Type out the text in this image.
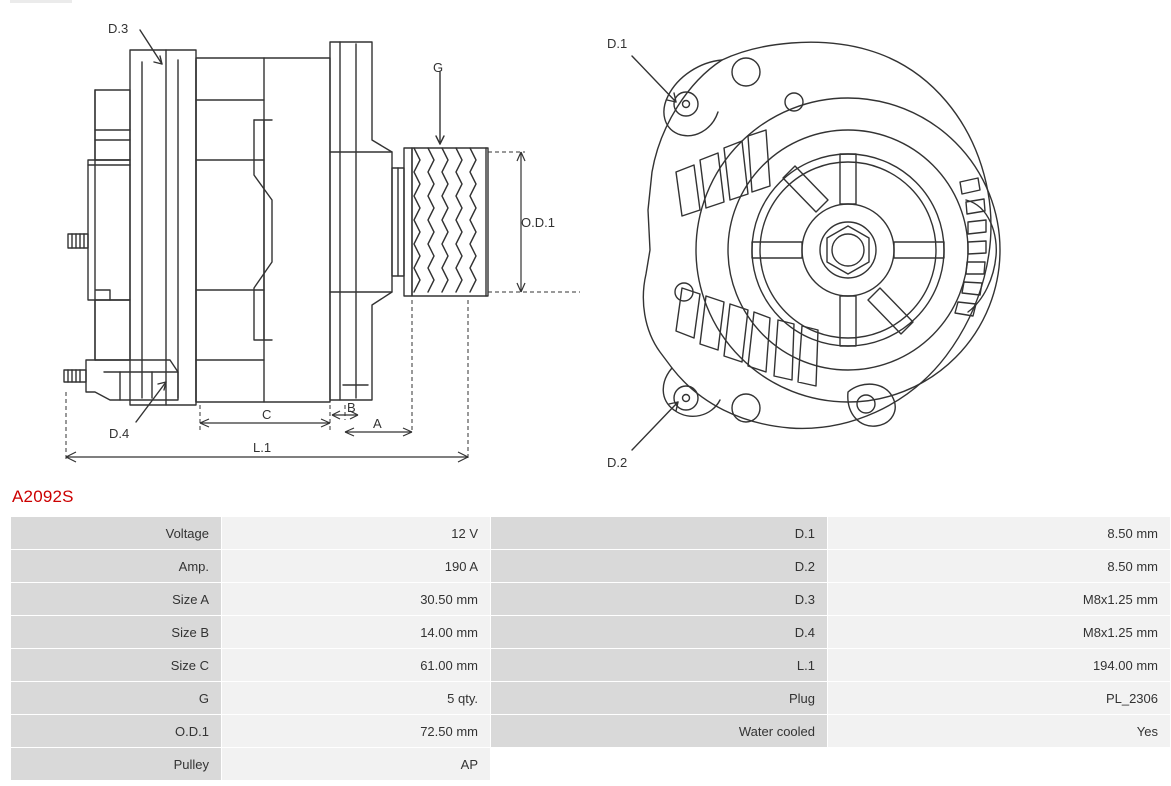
D.3
D.4
G
O.D.1
A
B
C
L.1
D.1
D.2
A2092S
Voltage	12 V	D.1	8.50 mm
Amp.	190 A	D.2	8.50 mm
Size A	30.50 mm	D.3	M8x1.25 mm
Size B	14.00 mm	D.4	M8x1.25 mm
Size C	61.00 mm	L.1	194.00 mm
G	5 qty.	Plug	PL_2306
O.D.1	72.50 mm	Water cooled	Yes
Pulley	AP		
